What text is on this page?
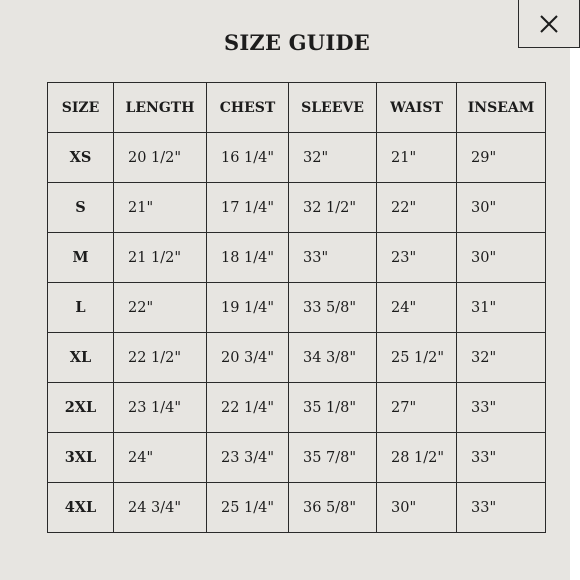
SIZE GUIDE
SIZE	LENGTH	CHEST	SLEEVE	WAIST	INSEAM
XS	20 1/2"	16 1/4"	32"	21"	29"
S	21"	17 1/4"	32 1/2"	22"	30"
M	21 1/2"	18 1/4"	33"	23"	30"
L	22"	19 1/4"	33 5/8"	24"	31"
XL	22 1/2"	20 3/4"	34 3/8"	25 1/2"	32"
2XL	23 1/4"	22 1/4"	35 1/8"	27"	33"
3XL	24"	23 3/4"	35 7/8"	28 1/2"	33"
4XL	24 3/4"	25 1/4"	36 5/8"	30"	33"
